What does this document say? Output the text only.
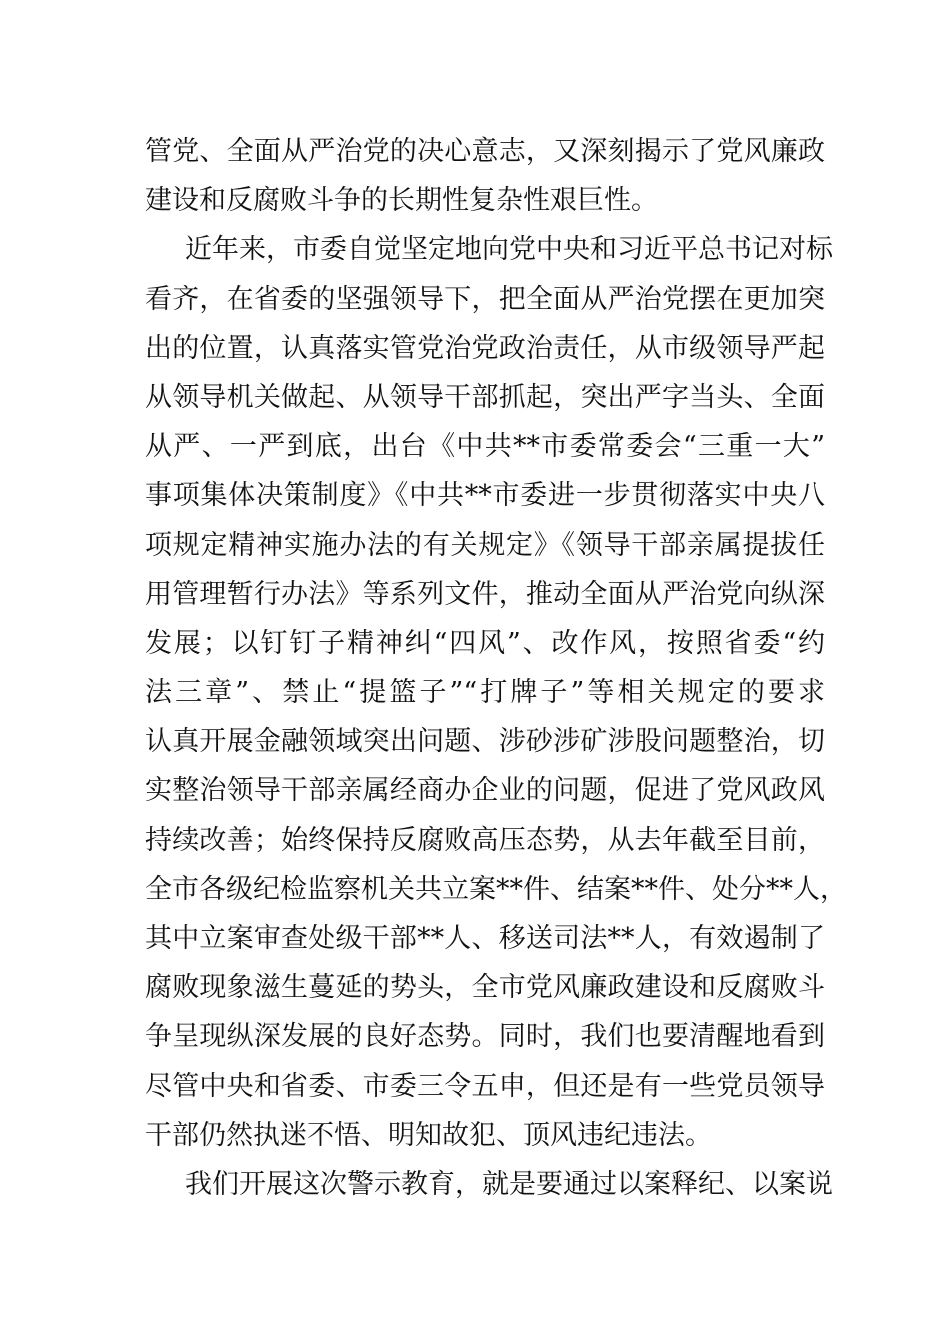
管党、全面从严治党的决心意志，又深刻揭示了党风廉政
建设和反腐败斗争的长期性复杂性艰巨性。
近年来，市委自觉坚定地向党中央和习近平总书记对标
看齐，在省委的坚强领导下，把全面从严治党摆在更加突
出的位置，认真落实管党治党政治责任，从市级领导严起
从领导机关做起、从领导干部抓起，突出严字当头、全面
从严、一严到底，出台《中共**市委常委会“三重一大”
事项集体决策制度》《中共**市委进一步贯彻落实中央八
项规定精神实施办法的有关规定》《领导干部亲属提拔任
用管理暂行办法》等系列文件，推动全面从严治党向纵深
发展；以钉钉子精神纠“四风”、改作风，按照省委“约
法三章”、禁止“提篮子”“打牌子”等相关规定的要求
认真开展金融领域突出问题、涉砂涉矿涉股问题整治，切
实整治领导干部亲属经商办企业的问题，促进了党风政风
持续改善；始终保持反腐败高压态势，从去年截至目前，
全市各级纪检监察机关共立案**件、结案**件、处分**人，
其中立案审查处级干部**人、移送司法**人，有效遏制了
腐败现象滋生蔓延的势头，全市党风廉政建设和反腐败斗
争呈现纵深发展的良好态势。同时，我们也要清醒地看到
尽管中央和省委、市委三令五申，但还是有一些党员领导
干部仍然执迷不悟、明知故犯、顶风违纪违法。
我们开展这次警示教育，就是要通过以案释纪、以案说
